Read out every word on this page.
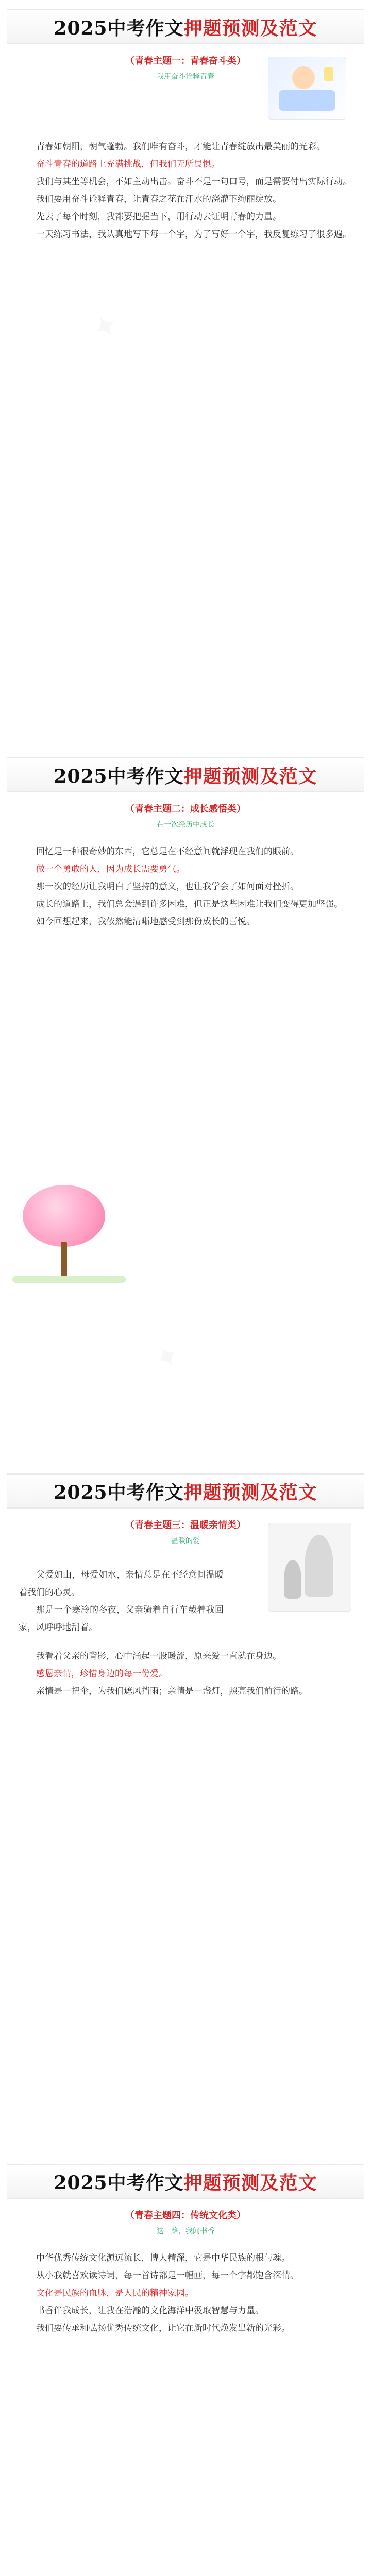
✦
✦
2025中考作文押题预测及范文
（青春主题一：青春奋斗类）
我用奋斗诠释青春

青春如朝阳，朝气蓬勃。我们唯有奋斗，才能让青春绽放出最美丽的光彩。

奋斗青春的道路上充满挑战，但我们无所畏惧。

我们与其坐等机会，不如主动出击。奋斗不是一句口号，而是需要付出实际行动。

我们要用奋斗诠释青春，让青春之花在汗水的浇灌下绚丽绽放。

先去了每个时刻，我都要把握当下，用行动去证明青春的力量。

一天练习书法，我认真地写下每一个字，为了写好一个字，我反复练习了很多遍。

2025中考作文押题预测及范文
（青春主题二：成长感悟类）
在一次经历中成长

回忆是一种很奇妙的东西，它总是在不经意间就浮现在我们的眼前。

做一个勇敢的人，因为成长需要勇气。

那一次的经历让我明白了坚持的意义，也让我学会了如何面对挫折。

成长的道路上，我们总会遇到许多困难，但正是这些困难让我们变得更加坚强。

如今回想起来，我依然能清晰地感受到那份成长的喜悦。

2025中考作文押题预测及范文
（青春主题三：温暖亲情类）
温暖的爱

父爱如山，母爱如水，亲情总是在不经意间温暖着我们的心灵。

那是一个寒冷的冬夜，父亲骑着自行车载着我回家，风呼呼地刮着。

我看着父亲的背影，心中涌起一股暖流，原来爱一直就在身边。

感恩亲情，珍惜身边的每一份爱。

亲情是一把伞，为我们遮风挡雨；亲情是一盏灯，照亮我们前行的路。

2025中考作文押题预测及范文
（青春主题四：传统文化类）
这一路，我闻书香

中华优秀传统文化源远流长，博大精深，它是中华民族的根与魂。

从小我就喜欢读诗词，每一首诗都是一幅画，每一个字都饱含深情。

文化是民族的血脉，是人民的精神家园。

书香伴我成长，让我在浩瀚的文化海洋中汲取智慧与力量。

我们要传承和弘扬优秀传统文化，让它在新时代焕发出新的光彩。
